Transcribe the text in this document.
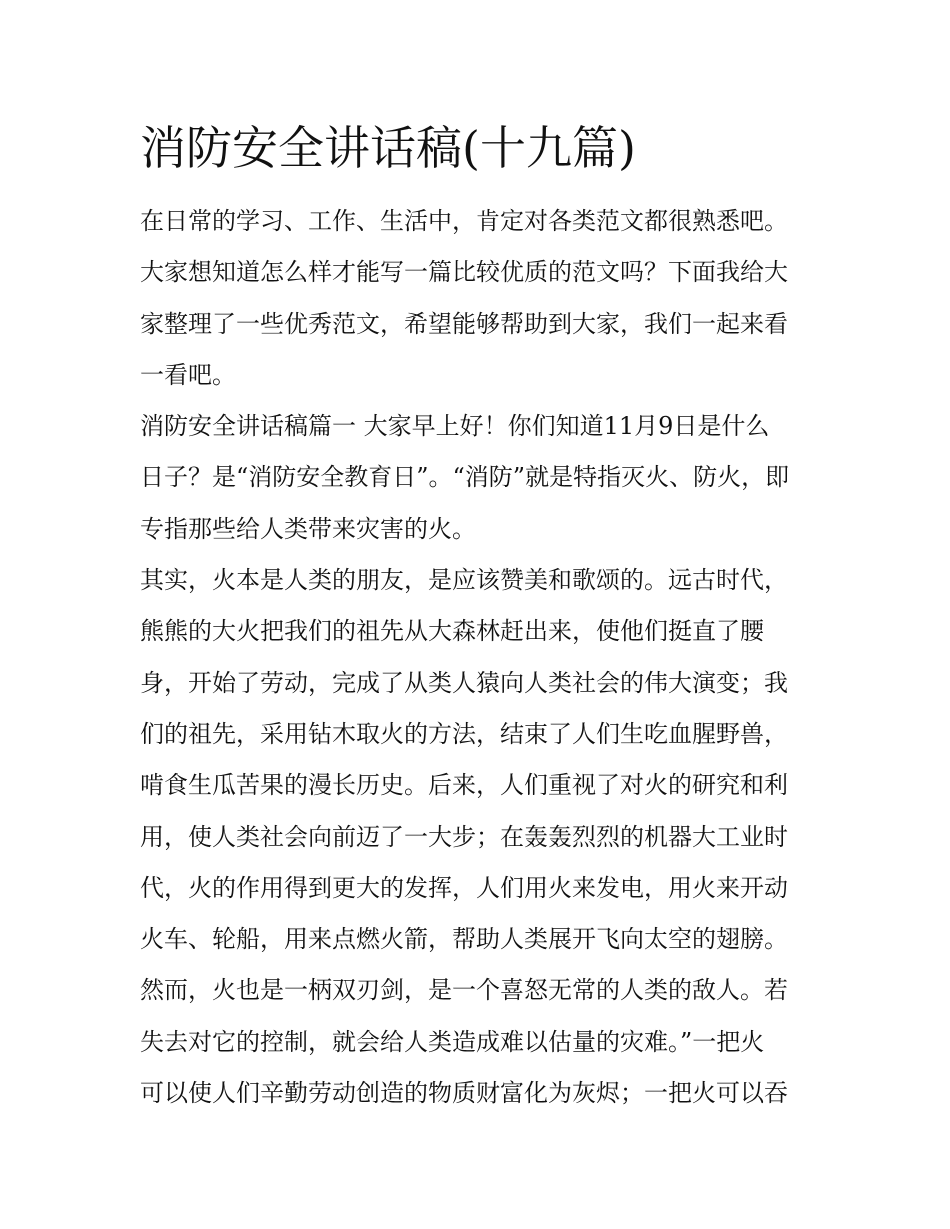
消防安全讲话稿(十九篇)
在日常的学习、工作、生活中，肯定对各类范文都很熟悉吧。
大家想知道怎么样才能写一篇比较优质的范文吗？下面我给大
家整理了一些优秀范文，希望能够帮助到大家，我们一起来看
一看吧。
消防安全讲话稿篇一 大家早上好！你们知道11月9日是什么
日子？是“消防安全教育日”。“消防”就是特指灭火、防火，即
专指那些给人类带来灾害的火。
其实，火本是人类的朋友，是应该赞美和歌颂的。远古时代，
熊熊的大火把我们的祖先从大森林赶出来，使他们挺直了腰
身，开始了劳动，完成了从类人猿向人类社会的伟大演变；我
们的祖先，采用钻木取火的方法，结束了人们生吃血腥野兽，
啃食生瓜苦果的漫长历史。后来，人们重视了对火的研究和利
用，使人类社会向前迈了一大步；在轰轰烈烈的机器大工业时
代，火的作用得到更大的发挥，人们用火来发电，用火来开动
火车、轮船，用来点燃火箭，帮助人类展开飞向太空的翅膀。
然而，火也是一柄双刃剑，是一个喜怒无常的人类的敌人。若
失去对它的控制，就会给人类造成难以估量的灾难。”一把火
可以使人们辛勤劳动创造的物质财富化为灰烬；一把火可以吞
